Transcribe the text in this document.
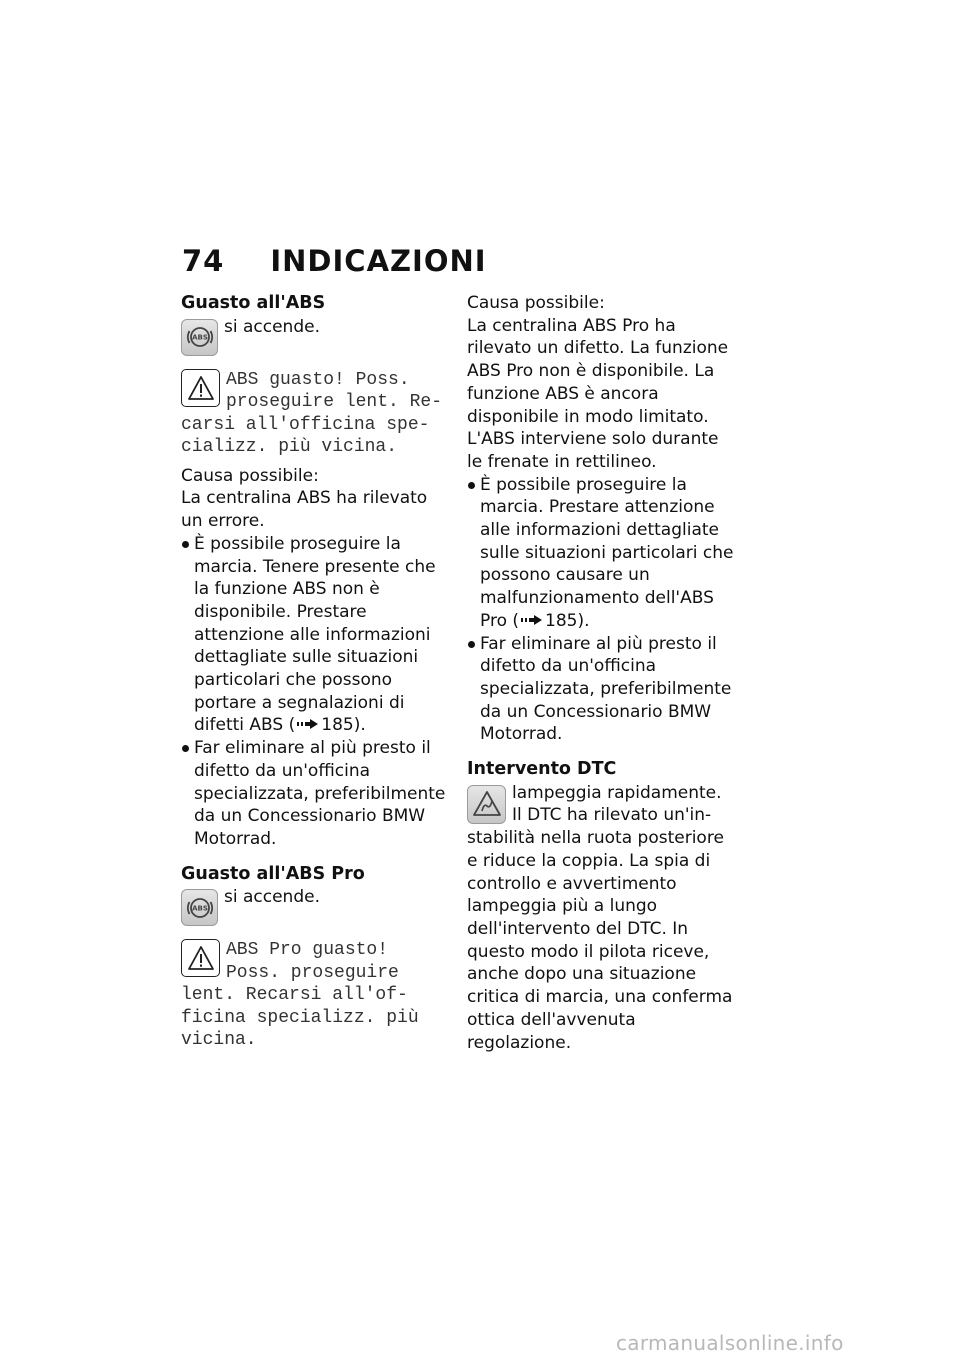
74 INDICAZIONI
Guasto all'ABS
ABS
si accende.
ABS guasto! Poss.
proseguire lent. Re-
carsi all'officina spe-
cializz. più vicina.

Causa possibile:

La centralina ABS ha rilevato un errore.

È possibile proseguire la marcia. Tenere presente che la funzione ABS non è disponibile. Prestare attenzione alle informazioni dettagliate sulle situazioni particolari che possono portare a segnalazioni di difetti ABS ( 185).
Far eliminare al più presto il difetto da un'officina specializzata, preferibilmente da un Concessionario BMW Motorrad.
Guasto all'ABS Pro
ABS
si accende.
ABS Pro guasto!
Poss. proseguire
lent. Recarsi all'of-
ficina specializz. più
vicina.

Causa possibile:

La centralina ABS Pro ha rilevato un difetto. La funzione ABS Pro non è disponibile. La funzione ABS è ancora disponibile in modo limitato. L'ABS interviene solo durante le frenate in rettilineo.

È possibile proseguire la marcia. Prestare attenzione alle informazioni dettagliate sulle situazioni particolari che possono causare un malfunzionamento dell'ABS Pro ( 185).
Far eliminare al più presto il difetto da un'officina specializzata, preferibilmente da un Concessionario BMW Motorrad.
Intervento DTC
lampeggia rapidamente.
Il DTC ha rilevato un'in-

stabilità nella ruota posteriore e riduce la coppia. La spia di controllo e avvertimento lampeggia più a lungo dell'intervento del DTC. In questo modo il pilota riceve, anche dopo una situazione critica di marcia, una conferma ottica dell'avvenuta regolazione.

carmanualsonline.info
